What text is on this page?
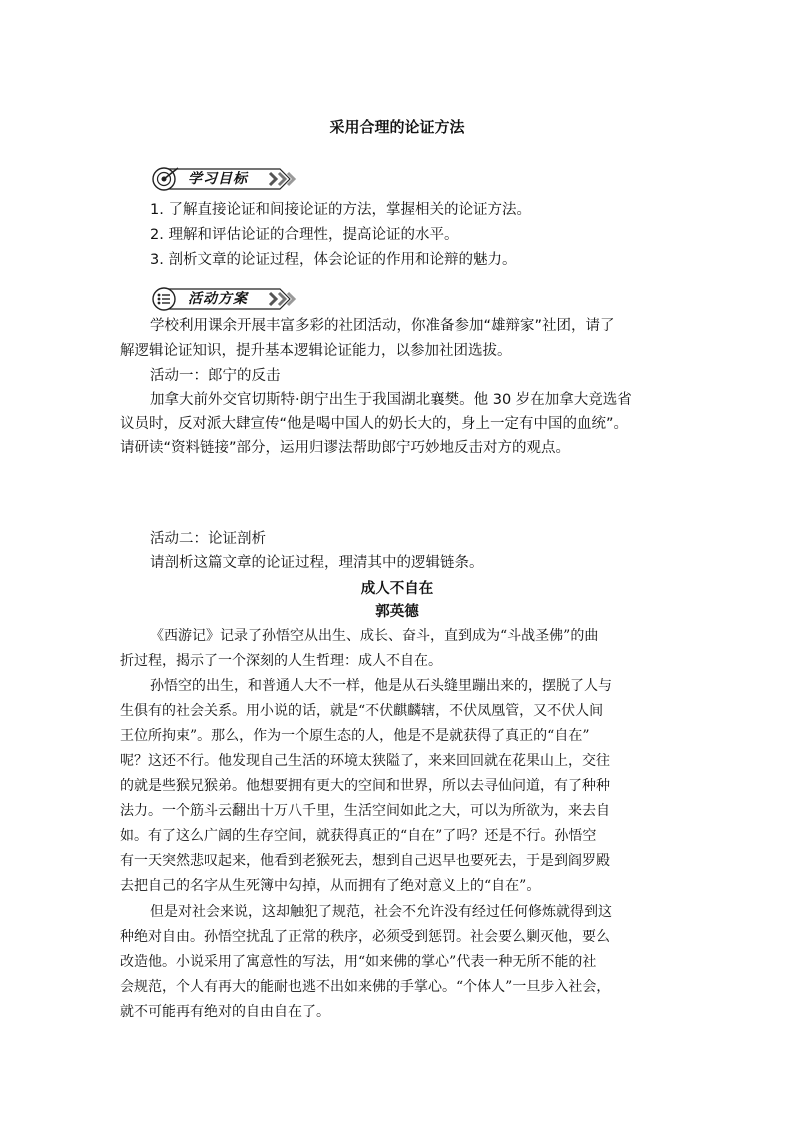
采用合理的论证方法
学习目标
1. 了解直接论证和间接论证的方法，掌握相关的论证方法。
2. 理解和评估论证的合理性，提高论证的水平。
3. 剖析文章的论证过程，体会论证的作用和论辩的魅力。
活动方案
学校利用课余开展丰富多彩的社团活动，你准备参加“雄辩家”社团，请了
解逻辑论证知识，提升基本逻辑论证能力，以参加社团选拔。
活动一：郎宁的反击
加拿大前外交官切斯特·朗宁出生于我国湖北襄樊。他 30 岁在加拿大竞选省
议员时，反对派大肆宣传“他是喝中国人的奶长大的，身上一定有中国的血统”。
请研读“资料链接”部分，运用归谬法帮助郎宁巧妙地反击对方的观点。
活动二：论证剖析
请剖析这篇文章的论证过程，理清其中的逻辑链条。
成人不自在
郭英德
《西游记》记录了孙悟空从出生、成长、奋斗，直到成为“斗战圣佛”的曲
折过程，揭示了一个深刻的人生哲理：成人不自在。
孙悟空的出生，和普通人大不一样，他是从石头缝里蹦出来的，摆脱了人与
生俱有的社会关系。用小说的话，就是“不伏麒麟辖，不伏凤凰管，又不伏人间
王位所拘束”。那么，作为一个原生态的人，他是不是就获得了真正的“自在”
呢？这还不行。他发现自己生活的环境太狭隘了，来来回回就在花果山上，交往
的就是些猴兄猴弟。他想要拥有更大的空间和世界，所以去寻仙问道，有了种种
法力。一个筋斗云翻出十万八千里，生活空间如此之大，可以为所欲为，来去自
如。有了这么广阔的生存空间，就获得真正的“自在”了吗？还是不行。孙悟空
有一天突然悲叹起来，他看到老猴死去，想到自己迟早也要死去，于是到阎罗殿
去把自己的名字从生死簿中勾掉，从而拥有了绝对意义上的“自在”。
但是对社会来说，这却触犯了规范，社会不允许没有经过任何修炼就得到这
种绝对自由。孙悟空扰乱了正常的秩序，必须受到惩罚。社会要么剿灭他，要么
改造他。小说采用了寓意性的写法，用“如来佛的掌心”代表一种无所不能的社
会规范，个人有再大的能耐也逃不出如来佛的手掌心。“个体人”一旦步入社会，
就不可能再有绝对的自由自在了。
